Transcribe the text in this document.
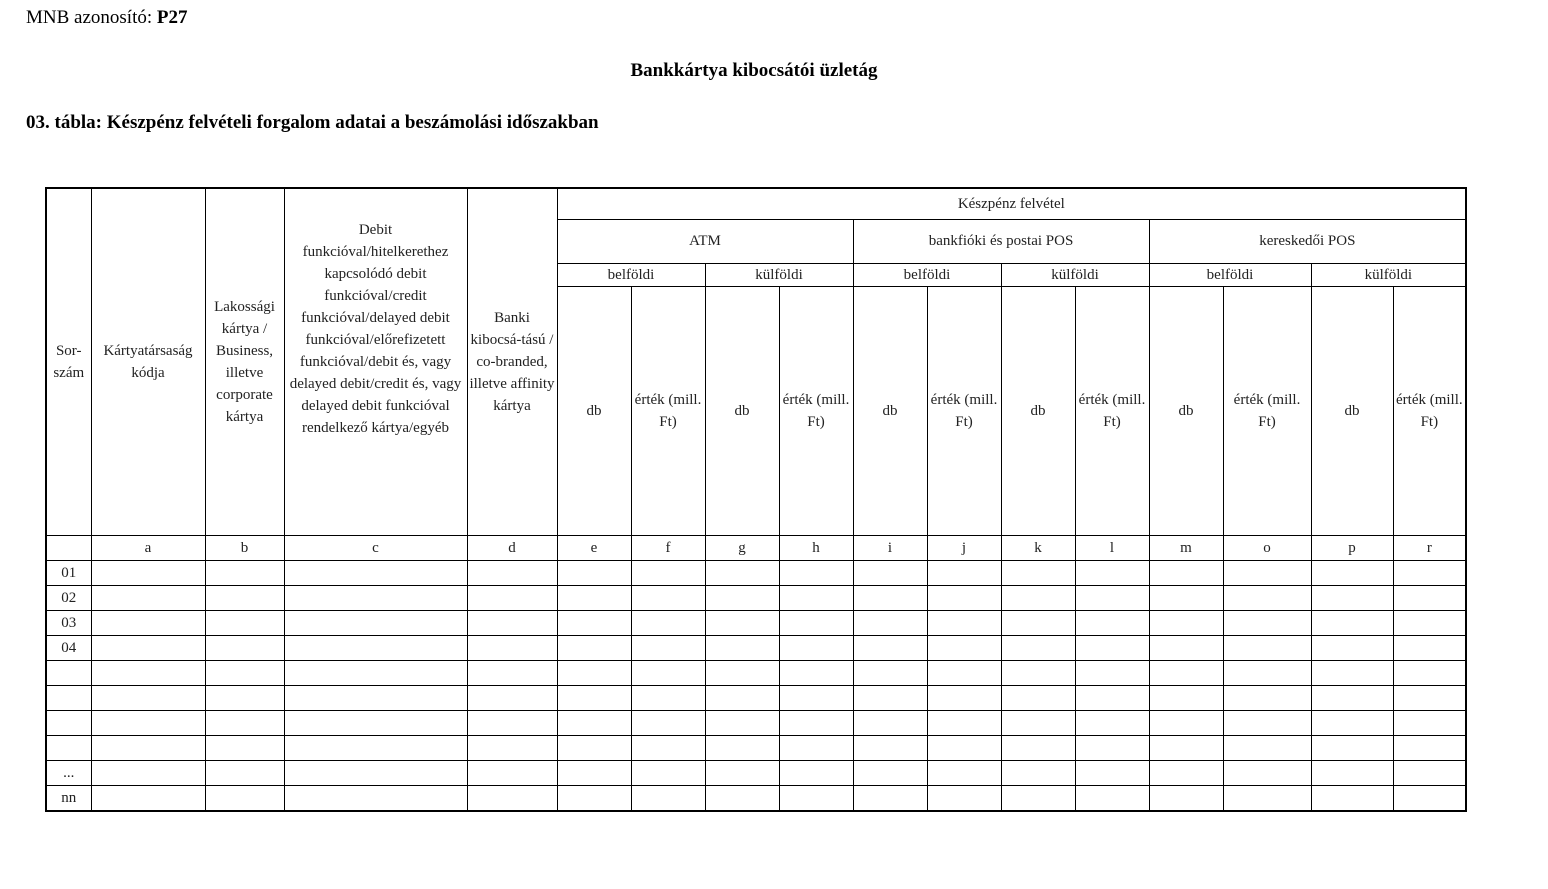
MNB azonosító: P27
Bankkártya kibocsátói üzletág
03. tábla: Készpénz felvételi forgalom adatai a beszámolási időszakban
Sor-szám	Kártyatársaság kódja	Lakossági kártya / Business, illetve corporate kártya	Debit funkcióval/hitelkerethez kapcsolódó debit funkcióval/credit funkcióval/delayed debit funkcióval/előrefizetett funkcióval/debit és, vagy delayed debit/credit és, vagy delayed debit funkcióval rendelkező kártya/egyéb	Banki kibocsá-tású / co-branded, illetve affinity kártya	Készpénz felvétel											
					ATM				bankfióki és postai POS				kereskedői POS			
					belföldi		külföldi		belföldi		külföldi		belföldi		külföldi	
					db	érték (mill. Ft)	db	érték (mill. Ft)	db	érték (mill. Ft)	db	érték (mill. Ft)	db	érték (mill. Ft)	db	érték (mill. Ft)
	a	b	c	d	e	f	g	h	i	j	k	l	m	o	p	r
01																
02																
03																
04																

...																
nn																
